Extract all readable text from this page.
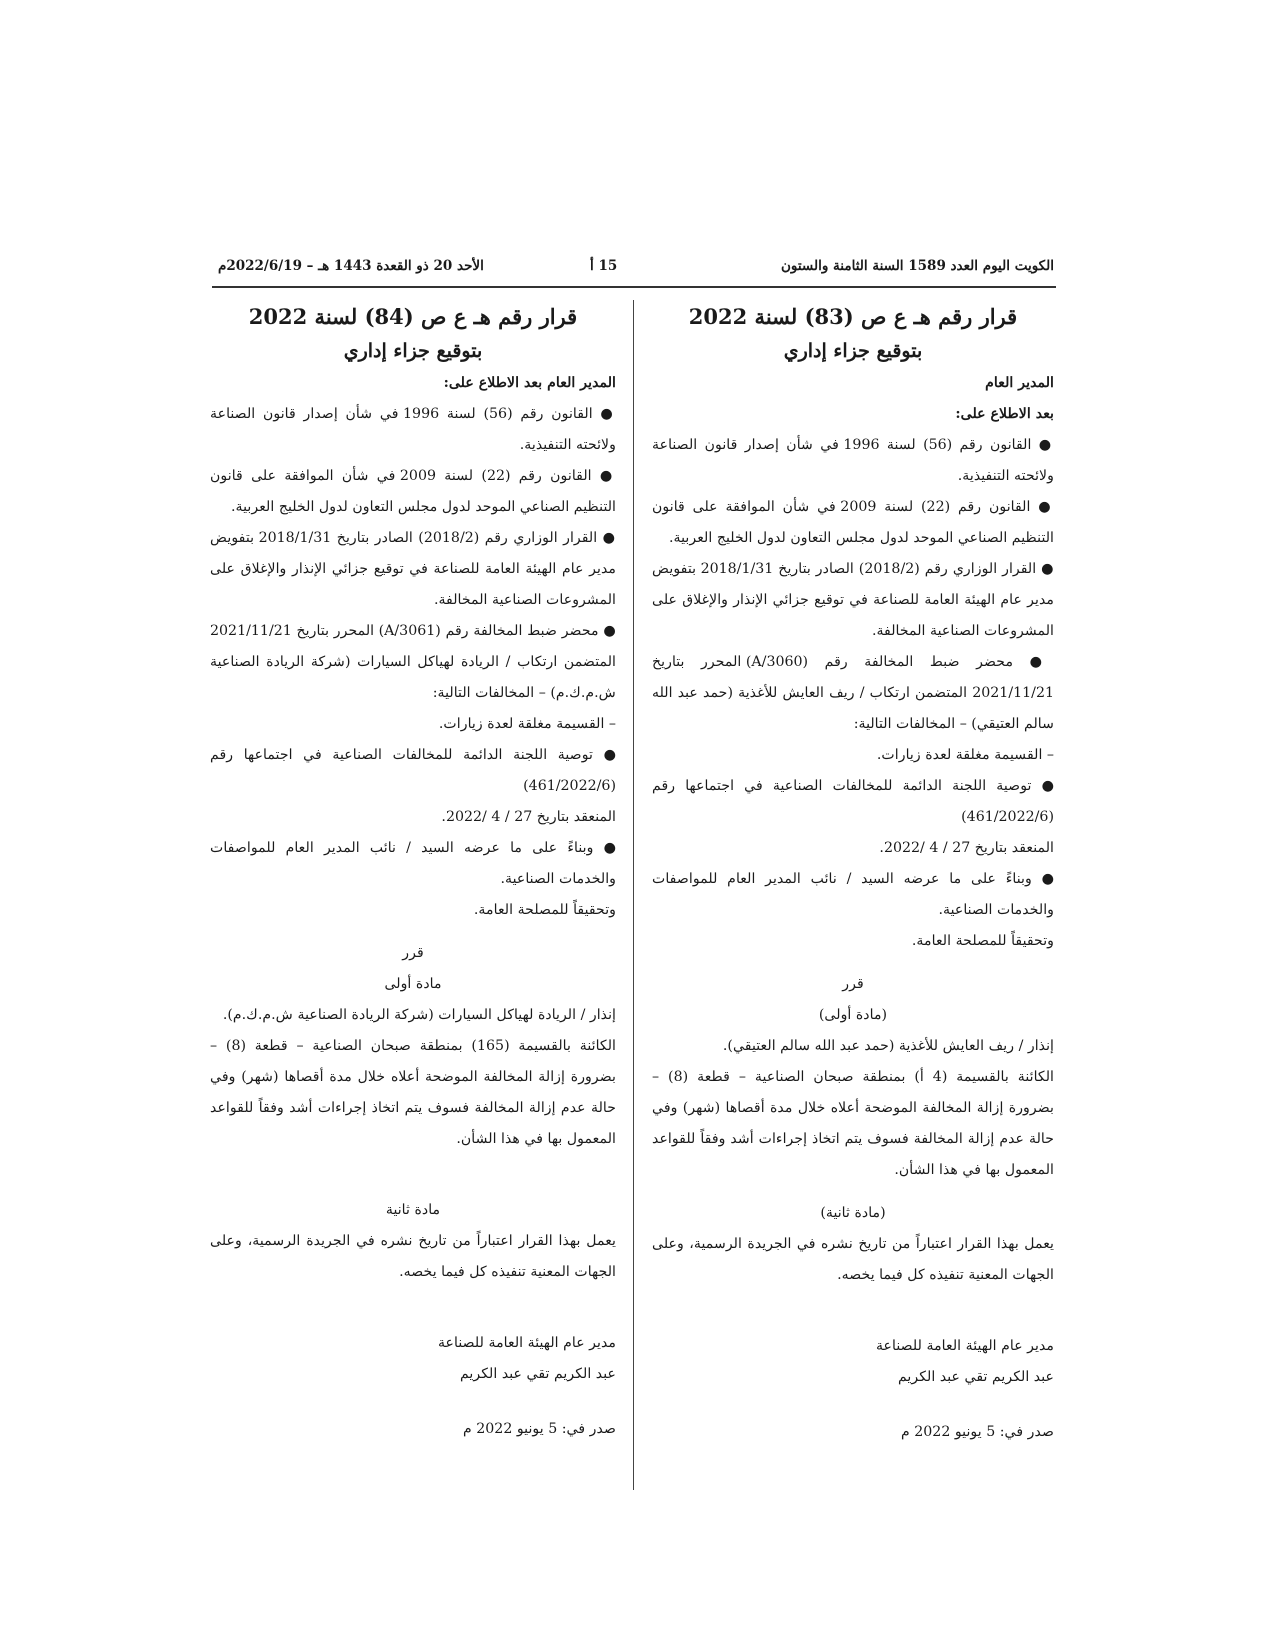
الكويت اليوم العدد 1589 السنة الثامنة والستون
15 أ
الأحد 20 ذو القعدة 1443 هـ – 2022/6/19م

قرار رقم هـ ع ص (83) لسنة 2022

بتوقيع جزاء إداري

المدير العام

بعد الاطلاع على:

● القانون رقم (56) لسنة 1996 في شأن إصدار قانون الصناعة ولائحته التنفيذية.

● القانون رقم (22) لسنة 2009 في شأن الموافقة على قانون التنظيم الصناعي الموحد لدول مجلس التعاون لدول الخليج العربية.

● القرار الوزاري رقم (2018/2) الصادر بتاريخ 2018/1/31 بتفويض مدير عام الهيئة العامة للصناعة في توقيع جزائي الإنذار والإغلاق على المشروعات الصناعية المخالفة.

● محضر ضبط المخالفة رقم (3060/A) المحرر بتاريخ 2021/11/21 المتضمن ارتكاب / ريف العايش للأغذية (حمد عبد الله سالم العتيقي) – المخالفات التالية:

– القسيمة مغلقة لعدة زيارات.

● توصية اللجنة الدائمة للمخالفات الصناعية في اجتماعها رقم (461/2022/6)

المنعقد بتاريخ 27 / 4 /2022.

● وبناءً على ما عرضه السيد / نائب المدير العام للمواصفات والخدمات الصناعية.

وتحقيقاً للمصلحة العامة.

قرر

(مادة أولى)

إنذار / ريف العايش للأغذية (حمد عبد الله سالم العتيقي).

الكائنة بالقسيمة (4 أ) بمنطقة صبحان الصناعية – قطعة (8) – بضرورة إزالة المخالفة الموضحة أعلاه خلال مدة أقصاها (شهر) وفي حالة عدم إزالة المخالفة فسوف يتم اتخاذ إجراءات أشد وفقاً للقواعد المعمول بها في هذا الشأن.

(مادة ثانية)

يعمل بهذا القرار اعتباراً من تاريخ نشره في الجريدة الرسمية، وعلى الجهات المعنية تنفيذه كل فيما يخصه.

مدير عام الهيئة العامة للصناعة

عبد الكريم تقي عبد الكريم

صدر في: 5 يونيو 2022 م

قرار رقم هـ ع ص (84) لسنة 2022

بتوقيع جزاء إداري

المدير العام بعد الاطلاع على:

● القانون رقم (56) لسنة 1996 في شأن إصدار قانون الصناعة ولائحته التنفيذية.

● القانون رقم (22) لسنة 2009 في شأن الموافقة على قانون التنظيم الصناعي الموحد لدول مجلس التعاون لدول الخليج العربية.

● القرار الوزاري رقم (2018/2) الصادر بتاريخ 2018/1/31 بتفويض مدير عام الهيئة العامة للصناعة في توقيع جزائي الإنذار والإغلاق على المشروعات الصناعية المخالفة.

● محضر ضبط المخالفة رقم (3061/A) المحرر بتاريخ 2021/11/21 المتضمن ارتكاب / الريادة لهياكل السيارات (شركة الريادة الصناعية ش.م.ك.م) – المخالفات التالية:

– القسيمة مغلقة لعدة زيارات.

● توصية اللجنة الدائمة للمخالفات الصناعية في اجتماعها رقم (461/2022/6)

المنعقد بتاريخ 27 / 4 /2022.

● وبناءً على ما عرضه السيد / نائب المدير العام للمواصفات والخدمات الصناعية.

وتحقيقاً للمصلحة العامة.

قرر

مادة أولى

إنذار / الريادة لهياكل السيارات (شركة الريادة الصناعية ش.م.ك.م).

الكائنة بالقسيمة (165) بمنطقة صبحان الصناعية – قطعة (8) – بضرورة إزالة المخالفة الموضحة أعلاه خلال مدة أقصاها (شهر) وفي حالة عدم إزالة المخالفة فسوف يتم اتخاذ إجراءات أشد وفقاً للقواعد المعمول بها في هذا الشأن.

مادة ثانية

يعمل بهذا القرار اعتباراً من تاريخ نشره في الجريدة الرسمية، وعلى الجهات المعنية تنفيذه كل فيما يخصه.

مدير عام الهيئة العامة للصناعة

عبد الكريم تقي عبد الكريم

صدر في: 5 يونيو 2022 م
